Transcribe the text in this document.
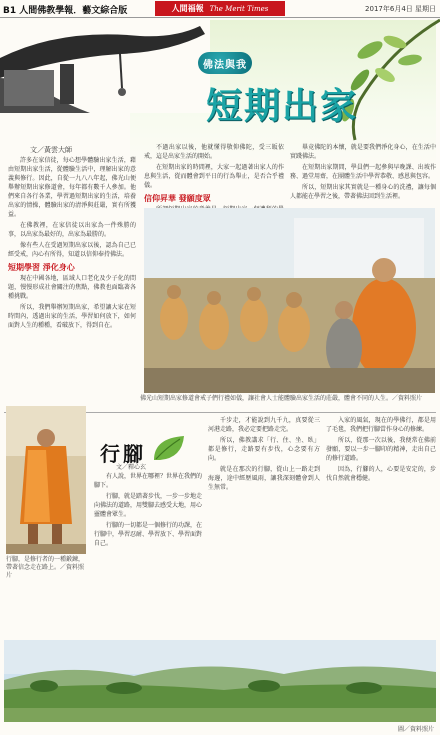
B1 人間佛教學報．藝文綜合版	人間福報 The Merit Times	2017年6月4日 星期日
佛法與我
短期出家
文／黃雲大師

許多在家信徒，每心想學體驗出家生活，藉由短期出家生活，從體驗生活中，理解出家的意義與修行。因此，自從一九八八年起，佛光山便舉辦短期出家修道會，每年都有數千人參加。他們來自各行各業，學習過短期出家的生活，培養出家的情操，體驗出家的清淨與莊嚴，實有所獲益。

在佛教裡，在家信徒以出家為一件殊勝的事，以出家為最好的，出家為最勝的。

像有些人在受過短期出家以後，認為自己已經受戒，內心有所得，知道以信仰奉持佛法。

短期學習 淨化身心

現在中國各地，區域人口老化及少子化的問題，慢慢形成社會關注的焦點，佛教也面臨著各種挑戰。

所以，我們舉辦短期出家，希望讓大家在短時間內，透過出家的生活，學習如何放下，如何面對人生的種種，看破放下，得到自在。

不過出家以後，他就懂得敬仰佛陀，受三皈依戒，這是出家生活的開始。

在短期出家的時間裡，大家一起過著出家人的作息與生活，從而體會到平日的行為舉止，是否合乎禮儀。

信仰昇華 發願度眾

畢竟佛陀的本懷，就是要我們淨化身心，在生活中實踐佛法。

在短期出家期間，學員們一起參與早晚課、出坡作務、過堂用齋，在團體生活中學習恭敬、感恩與包容。

所以，短期出家其實就是一種身心的洗禮，讓每個人都能在學習之後，帶著佛法回到生活裡。

佛光山短期出家修道會戒子們行禮如儀，讓社會人士能體驗出家生活的莊嚴，體會不同的人生。／資料照片
行腳，是修行者的一種鍛鍊，帶著信念走在路上。／資料照片
行腳
文／釋心玄

有人說，世界在哪裡？世界在我們的腳下。

行腳，就是踏著步伐，一步一步地走向佛法的道路，用雙腳去感受大地，用心靈體會眾生。

行腳的一切都是一個修行的功課，在行腳中，學習忍耐、學習放下、學習面對自己。

千步走，才能說到九千九，真要從三河港走路，我必定要把路走完。

所以，佛教講求「行、住、坐、臥」都是修行，走路要有步伐，心念要有方向。

就是在那次的行腳，從山上一路走到海邊，途中經歷風雨，讓我深刻體會到人生無常。

入家的風氣，現在的學佛行，都是用了毛毯，我們把行腳當作身心的修練。

所以，從那一次以後，我便常在佛前發願，要以一步一腳印的精神，走出自己的修行道路。

因為，行腳的人，心要是安定的，步伐自然就會穩健。

圖／資料照片
